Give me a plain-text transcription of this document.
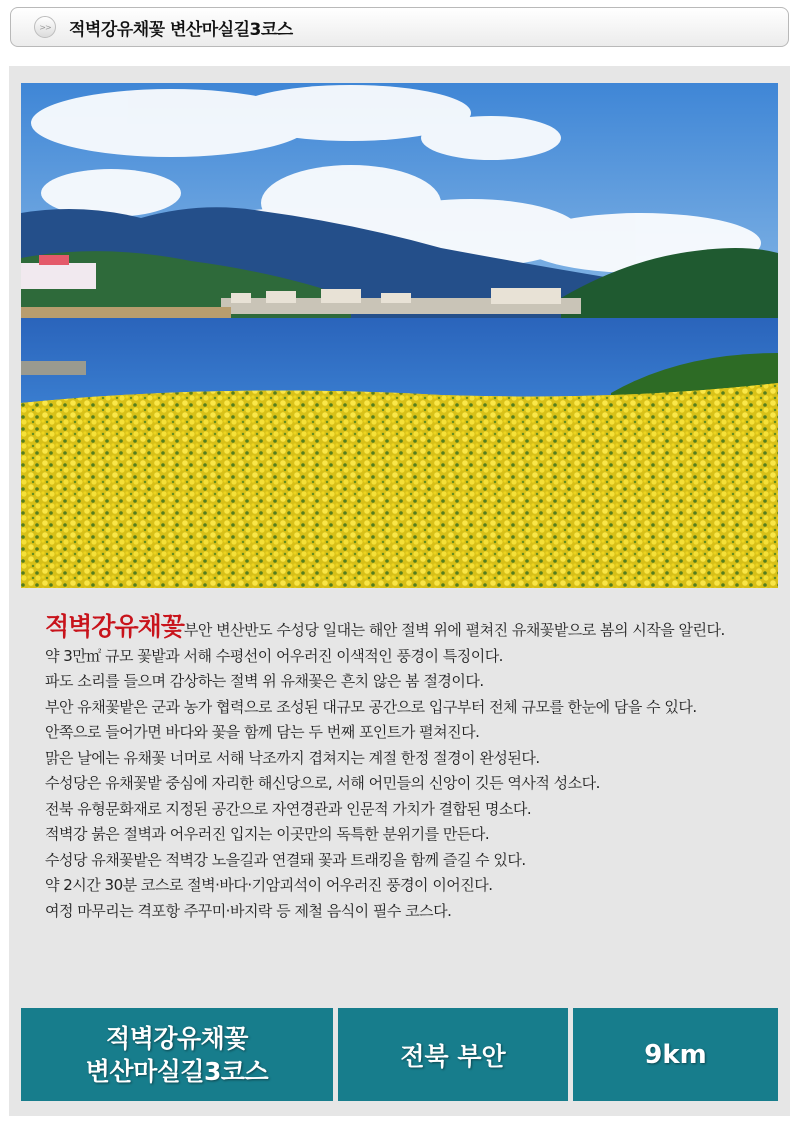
>>	적벽강유채꽃 변산마실길3코스

적벽강유채꽃부안 변산반도 수성당 일대는 해안 절벽 위에 펼쳐진 유채꽃밭으로 봄의 시작을 알린다.

약 3만㎡ 규모 꽃밭과 서해 수평선이 어우러진 이색적인 풍경이 특징이다.

파도 소리를 들으며 감상하는 절벽 위 유채꽃은 흔치 않은 봄 절경이다.

부안 유채꽃밭은 군과 농가 협력으로 조성된 대규모 공간으로 입구부터 전체 규모를 한눈에 담을 수 있다.

안쪽으로 들어가면 바다와 꽃을 함께 담는 두 번째 포인트가 펼쳐진다.

맑은 날에는 유채꽃 너머로 서해 낙조까지 겹쳐지는 계절 한정 절경이 완성된다.

수성당은 유채꽃밭 중심에 자리한 해신당으로, 서해 어민들의 신앙이 깃든 역사적 성소다.

전북 유형문화재로 지정된 공간으로 자연경관과 인문적 가치가 결합된 명소다.

적벽강 붉은 절벽과 어우러진 입지는 이곳만의 독특한 분위기를 만든다.

수성당 유채꽃밭은 적벽강 노을길과 연결돼 꽃과 트래킹을 함께 즐길 수 있다.

약 2시간 30분 코스로 절벽·바다·기암괴석이 어우러진 풍경이 이어진다.

여정 마무리는 격포항 주꾸미·바지락 등 제철 음식이 필수 코스다.

적벽강유채꽃
변산마실길3코스
전북 부안	9km
